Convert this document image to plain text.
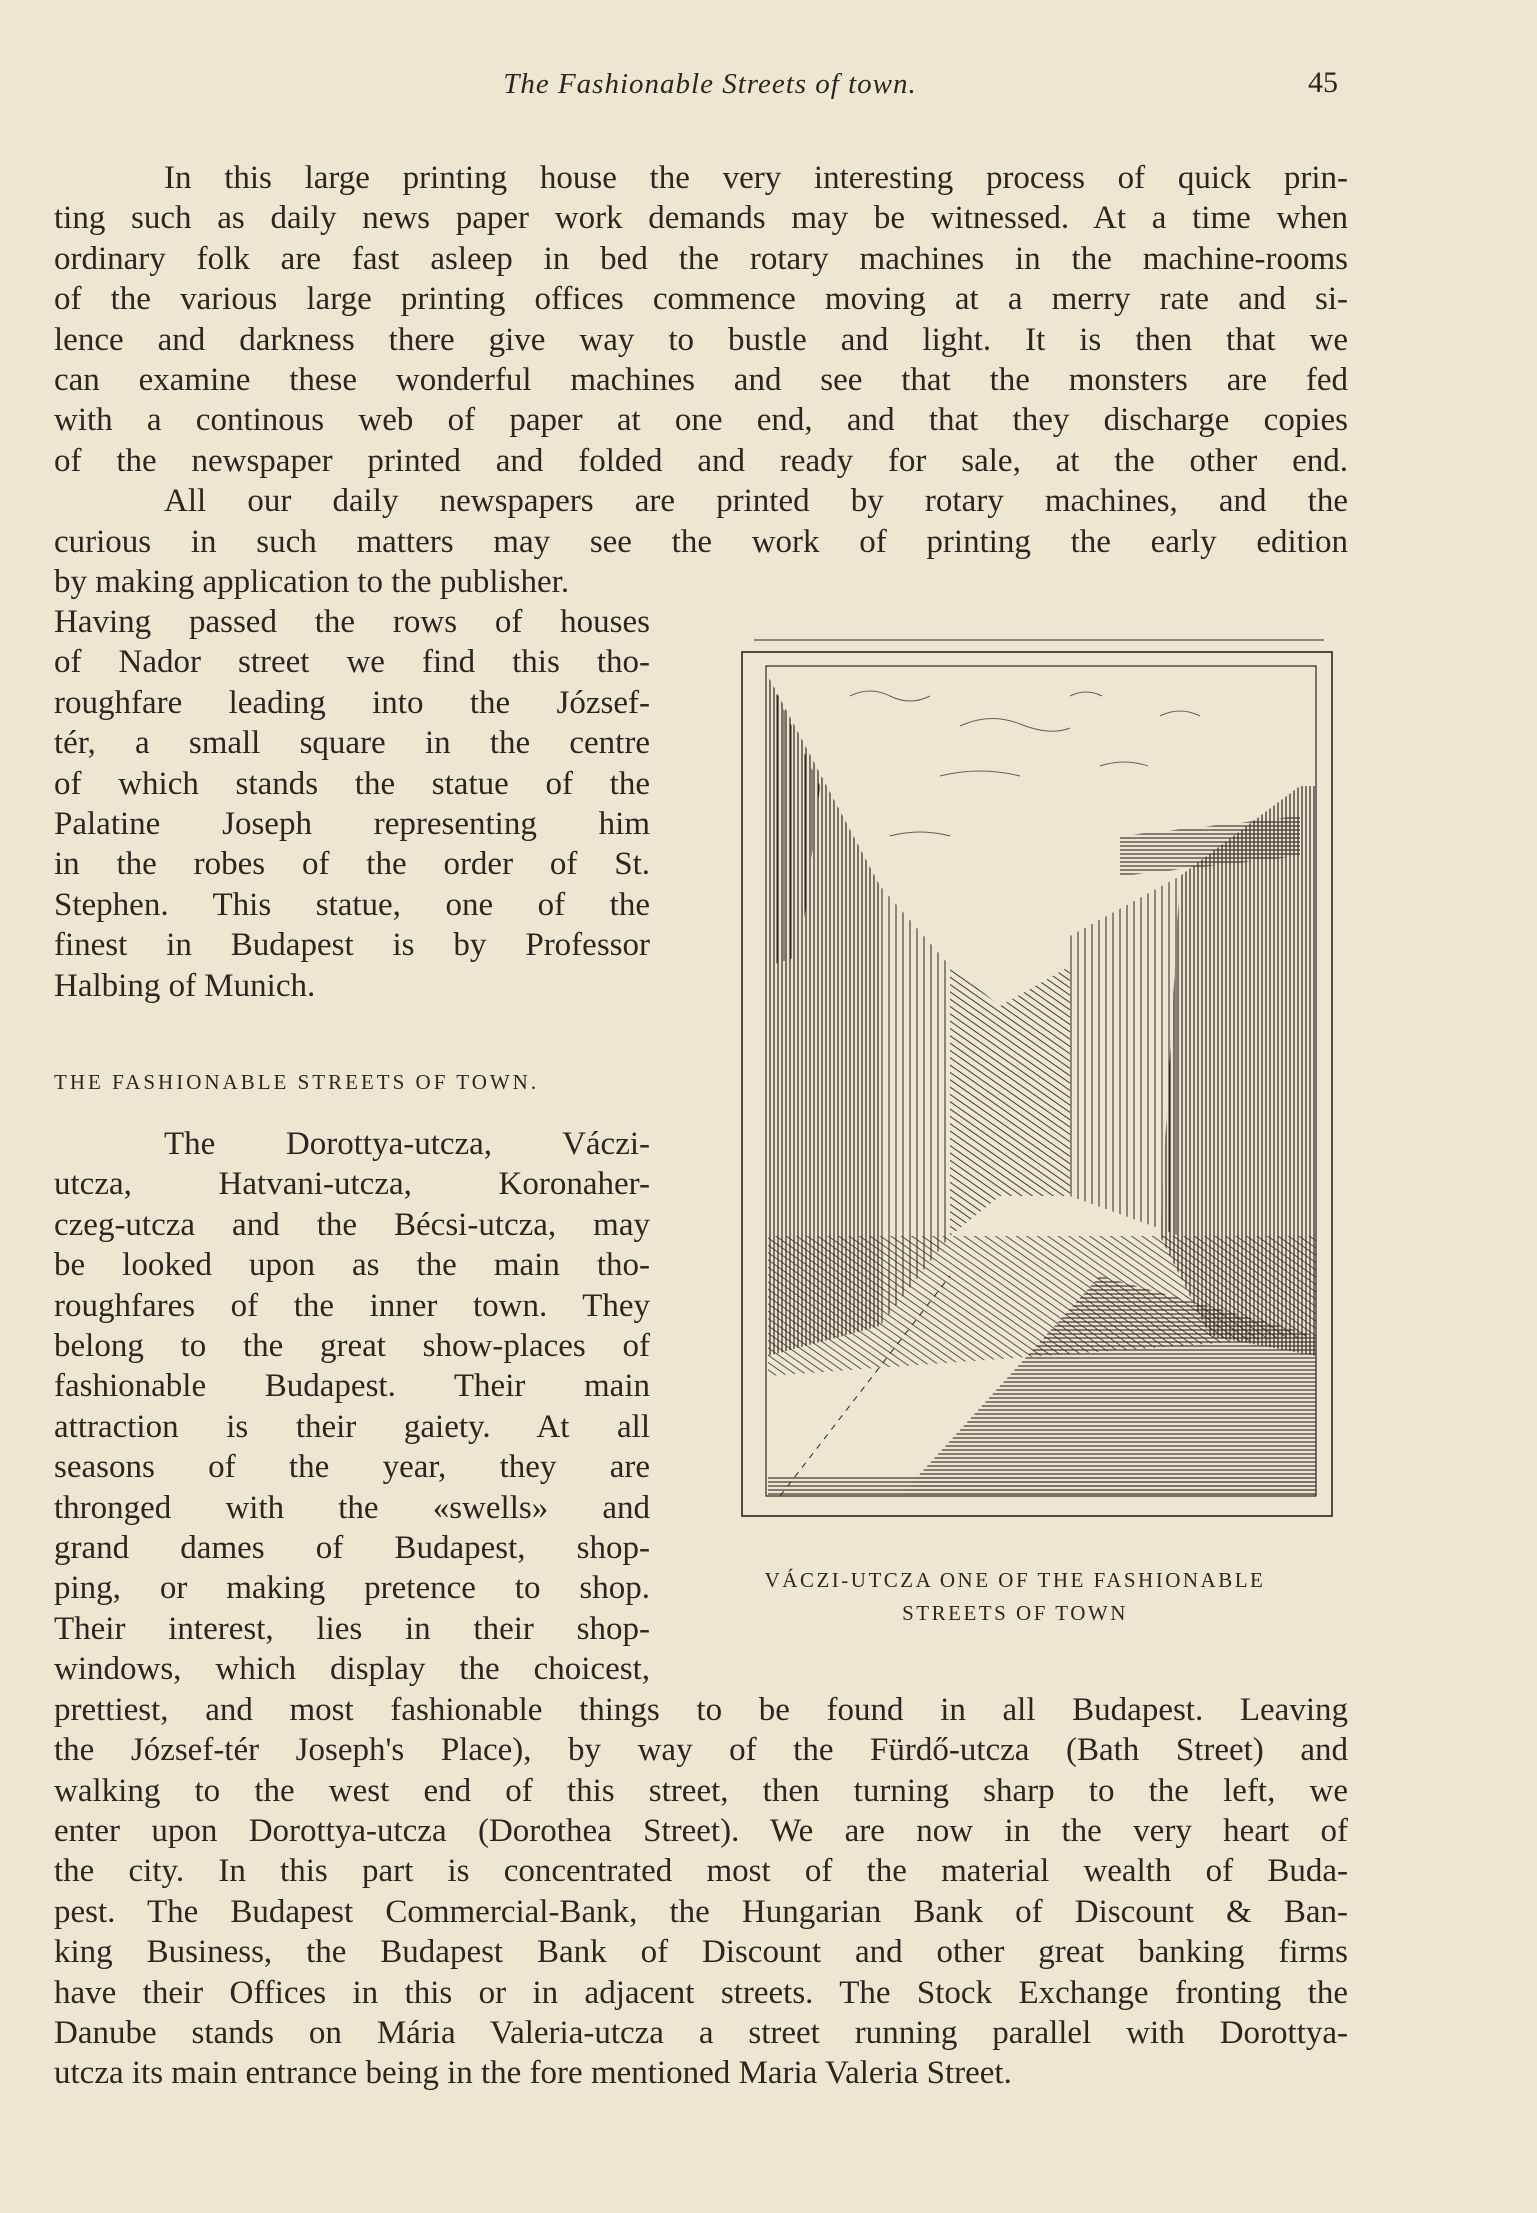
The Fashionable Streets of town.	45
In this large printing house the very interesting process of quick prin-
ting such as daily news paper work demands may be witnessed. At a time when
ordinary folk are fast asleep in bed the rotary machines in the machine-rooms
of the various large printing offices commence moving at a merry rate and si-
lence and darkness there give way to bustle and light. It is then that we
can examine these wonderful machines and see that the monsters are fed
with a continous web of paper at one end, and that they discharge copies
of the newspaper printed and folded and ready for sale, at the other end.
All our daily newspapers are printed by rotary machines, and the
curious in such matters may see the work of printing the early edition
by making application to the publisher.
Having passed the rows of houses
of Nador street we find this tho-
roughfare leading into the József-
tér, a small square in the centre
of which stands the statue of the
Palatine Joseph representing him
in the robes of the order of St.
Stephen. This statue, one of the
finest in Budapest is by Professor
Halbing of Munich.
THE FASHIONABLE STREETS OF TOWN.
The Dorottya-utcza, Váczi-
utcza, Hatvani-utcza, Koronaher-
czeg-utcza and the Bécsi-utcza, may
be looked upon as the main tho-
roughfares of the inner town. They
belong to the great show-places of
fashionable Budapest. Their main
attraction is their gaiety. At all
seasons of the year, they are
thronged with the «swells» and
grand dames of Budapest, shop-
ping, or making pretence to shop.
Their interest, lies in their shop-
windows, which display the choicest,
prettiest, and most fashionable things to be found in all Budapest. Leaving
the József-tér Joseph's Place), by way of the Fürdő-utcza (Bath Street) and
walking to the west end of this street, then turning sharp to the left, we
enter upon Dorottya-utcza (Dorothea Street). We are now in the very heart of
the city. In this part is concentrated most of the material wealth of Buda-
pest. The Budapest Commercial-Bank, the Hungarian Bank of Discount & Ban-
king Business, the Budapest Bank of Discount and other great banking firms
have their Offices in this or in adjacent streets. The Stock Exchange fronting the
Danube stands on Mária Valeria-utcza a street running parallel with Dorottya-
utcza its main entrance being in the fore mentioned Maria Valeria Street.
VÁCZI-UTCZA ONE OF THE FASHIONABLE
STREETS OF TOWN
